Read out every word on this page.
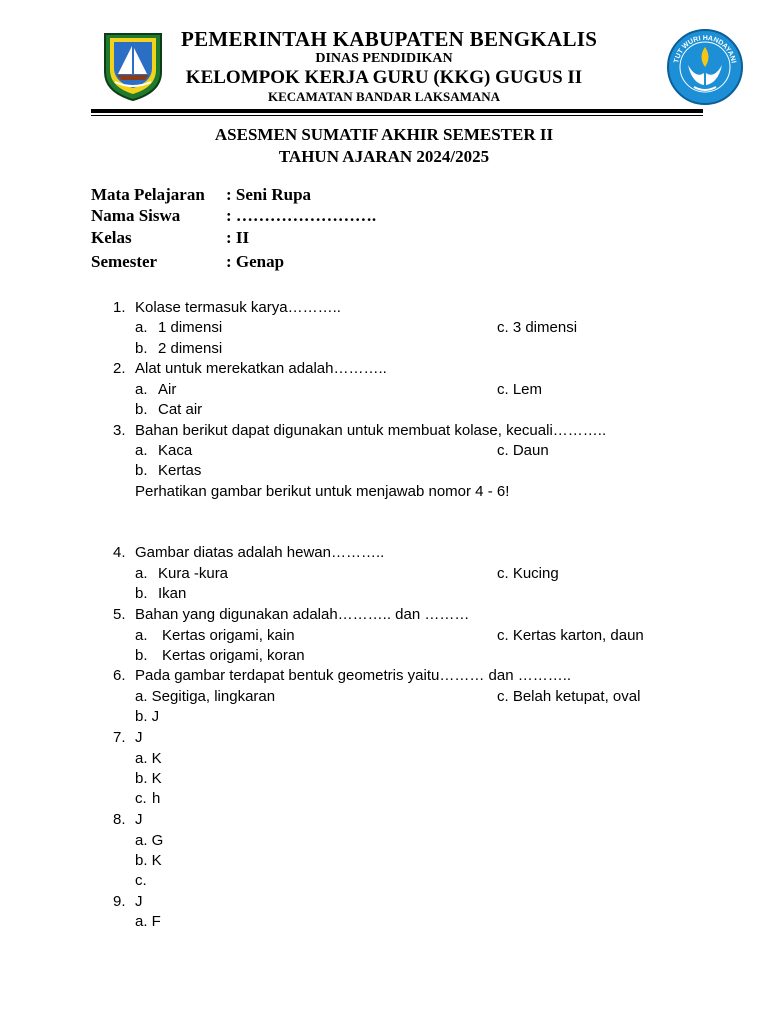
TUT WURI HANDAYANI
PEMERINTAH KABUPATEN BENGKALIS
DINAS PENDIDIKAN
KELOMPOK KERJA GURU (KKG) GUGUS II
KECAMATAN BANDAR LAKSAMANA
ASESMEN SUMATIF AKHIR SEMESTER II
TAHUN AJARAN 2024/2025
Mata Pelajaran : Seni Rupa
Nama Siswa	: …………………….
Kelas	: II
Semester	: Genap
1. Kolase termasuk karya………..
a. 1 dimensi	c. 3 dimensi
b. 2 dimensi
2. Alat untuk merekatkan adalah………..
a. Air	c. Lem
b. Cat air
3. Bahan berikut dapat digunakan untuk membuat kolase, kecuali………..
a. Kaca	c. Daun
b. Kertas
Perhatikan gambar berikut untuk menjawab nomor 4 - 6!
4. Gambar diatas adalah hewan………..
a. Kura -kura	c. Kucing
b. Ikan
5. Bahan yang digunakan adalah……….. dan ………
a. Kertas origami, kain	c. Kertas karton, daun
b. Kertas origami, koran
6. Pada gambar terdapat bentuk geometris yaitu……… dan ………..
a. Segitiga, lingkaran	c. Belah ketupat, oval
b. J
7. J
a. K
b. K
c. h
8. J
a. G
b. K
c.
9. J
a. F
